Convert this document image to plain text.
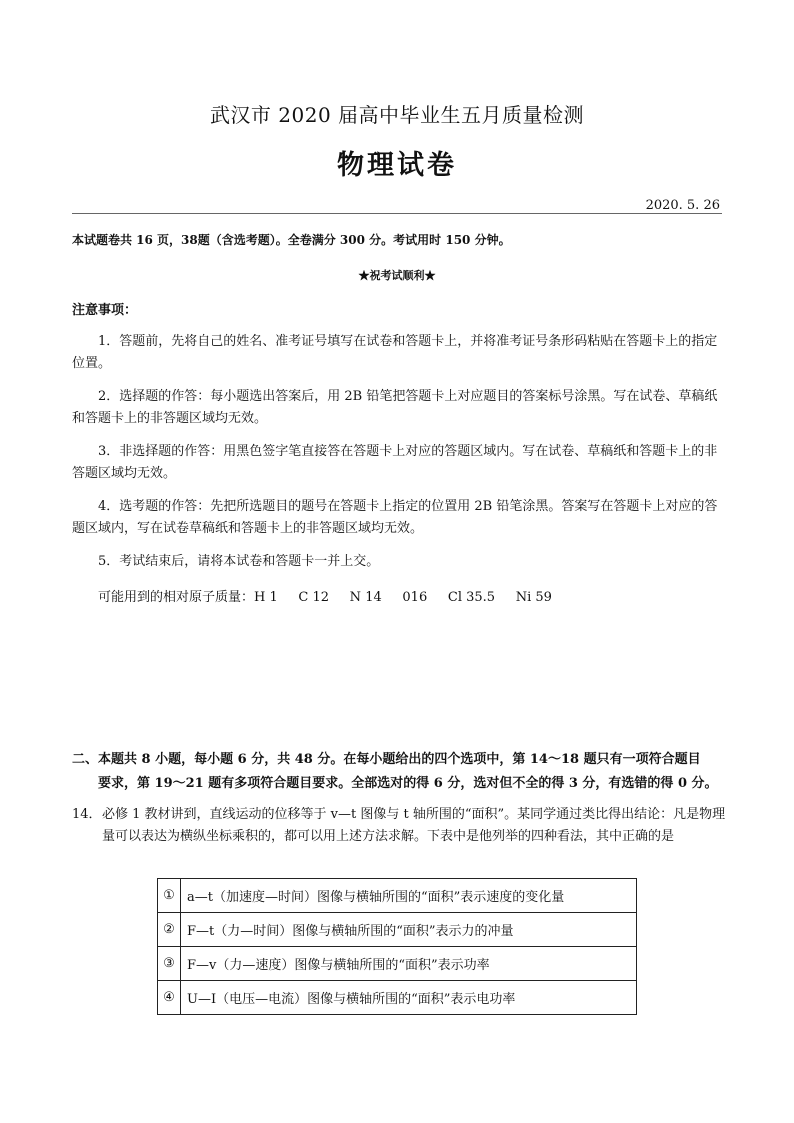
武汉市 2020 届高中毕业生五月质量检测
物理试卷
2020. 5. 26
本试题卷共 16 页，38题（含选考题）。全卷满分 300 分。考试用时 150 分钟。
★祝考试顺利★
注意事项：
1．答题前，先将自己的姓名、准考证号填写在试卷和答题卡上，并将准考证号条形码粘贴在答题卡上的指定位置。
2．选择题的作答：每小题选出答案后，用 2B 铅笔把答题卡上对应题目的答案标号涂黑。写在试卷、草稿纸和答题卡上的非答题区域均无效。
3．非选择题的作答：用黑色签字笔直接答在答题卡上对应的答题区域内。写在试卷、草稿纸和答题卡上的非答题区域均无效。
4．选考题的作答：先把所选题目的题号在答题卡上指定的位置用 2B 铅笔涂黑。答案写在答题卡上对应的答题区域内，写在试卷草稿纸和答题卡上的非答题区域均无效。
5．考试结束后，请将本试卷和答题卡一并上交。
可能用到的相对原子质量：H 1     C 12     N 14     016     Cl 35.5     Ni 59
二、本题共 8 小题，每小题 6 分，共 48 分。在每小题给出的四个选项中，第 14～18 题只有一项符合题目
要求，第 19～21 题有多项符合题目要求。全部选对的得 6 分，选对但不全的得 3 分，有选错的得 0 分。
14． 必修 1 教材讲到，直线运动的位移等于 v—t 图像与 t 轴所围的“面积”。某同学通过类比得出结论：凡是物理量可以表达为横纵坐标乘积的，都可以用上述方法求解。下表中是他列举的四种看法，其中正确的是
①	a—t（加速度—时间）图像与横轴所围的“面积”表示速度的变化量
②	F—t（力—时间）图像与横轴所围的“面积”表示力的冲量
③	F—v（力—速度）图像与横轴所围的“面积”表示功率
④	U—I（电压—电流）图像与横轴所围的“面积”表示电功率
